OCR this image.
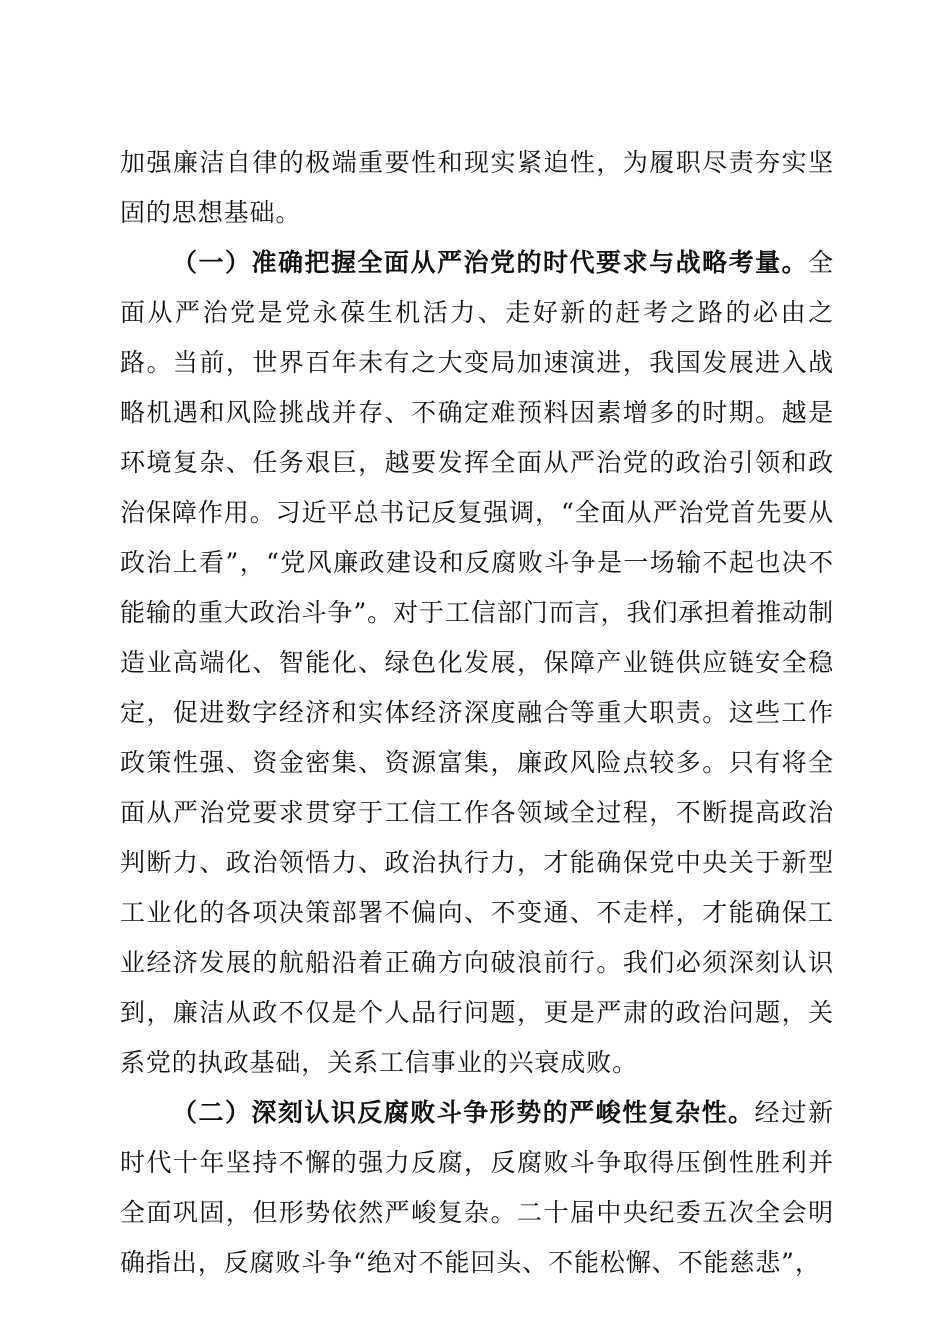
加强廉洁自律的极端重要性和现实紧迫性，为履职尽责夯实坚固的思想基础。

（一）准确把握全面从严治党的时代要求与战略考量。全面从严治党是党永葆生机活力、走好新的赶考之路的必由之路。当前，世界百年未有之大变局加速演进，我国发展进入战略机遇和风险挑战并存、不确定难预料因素增多的时期。越是环境复杂、任务艰巨，越要发挥全面从严治党的政治引领和政治保障作用。习近平总书记反复强调，“全面从严治党首先要从政治上看”，“党风廉政建设和反腐败斗争是一场输不起也决不能输的重大政治斗争”。对于工信部门而言，我们承担着推动制造业高端化、智能化、绿色化发展，保障产业链供应链安全稳定，促进数字经济和实体经济深度融合等重大职责。这些工作政策性强、资金密集、资源富集，廉政风险点较多。只有将全面从严治党要求贯穿于工信工作各领域全过程，不断提高政治判断力、政治领悟力、政治执行力，才能确保党中央关于新型工业化的各项决策部署不偏向、不变通、不走样，才能确保工业经济发展的航船沿着正确方向破浪前行。我们必须深刻认识到，廉洁从政不仅是个人品行问题，更是严肃的政治问题，关系党的执政基础，关系工信事业的兴衰成败。

（二）深刻认识反腐败斗争形势的严峻性复杂性。经过新时代十年坚持不懈的强力反腐，反腐败斗争取得压倒性胜利并全面巩固，但形势依然严峻复杂。二十届中央纪委五次全会明确指出，反腐败斗争“绝对不能回头、不能松懈、不能慈悲”，
